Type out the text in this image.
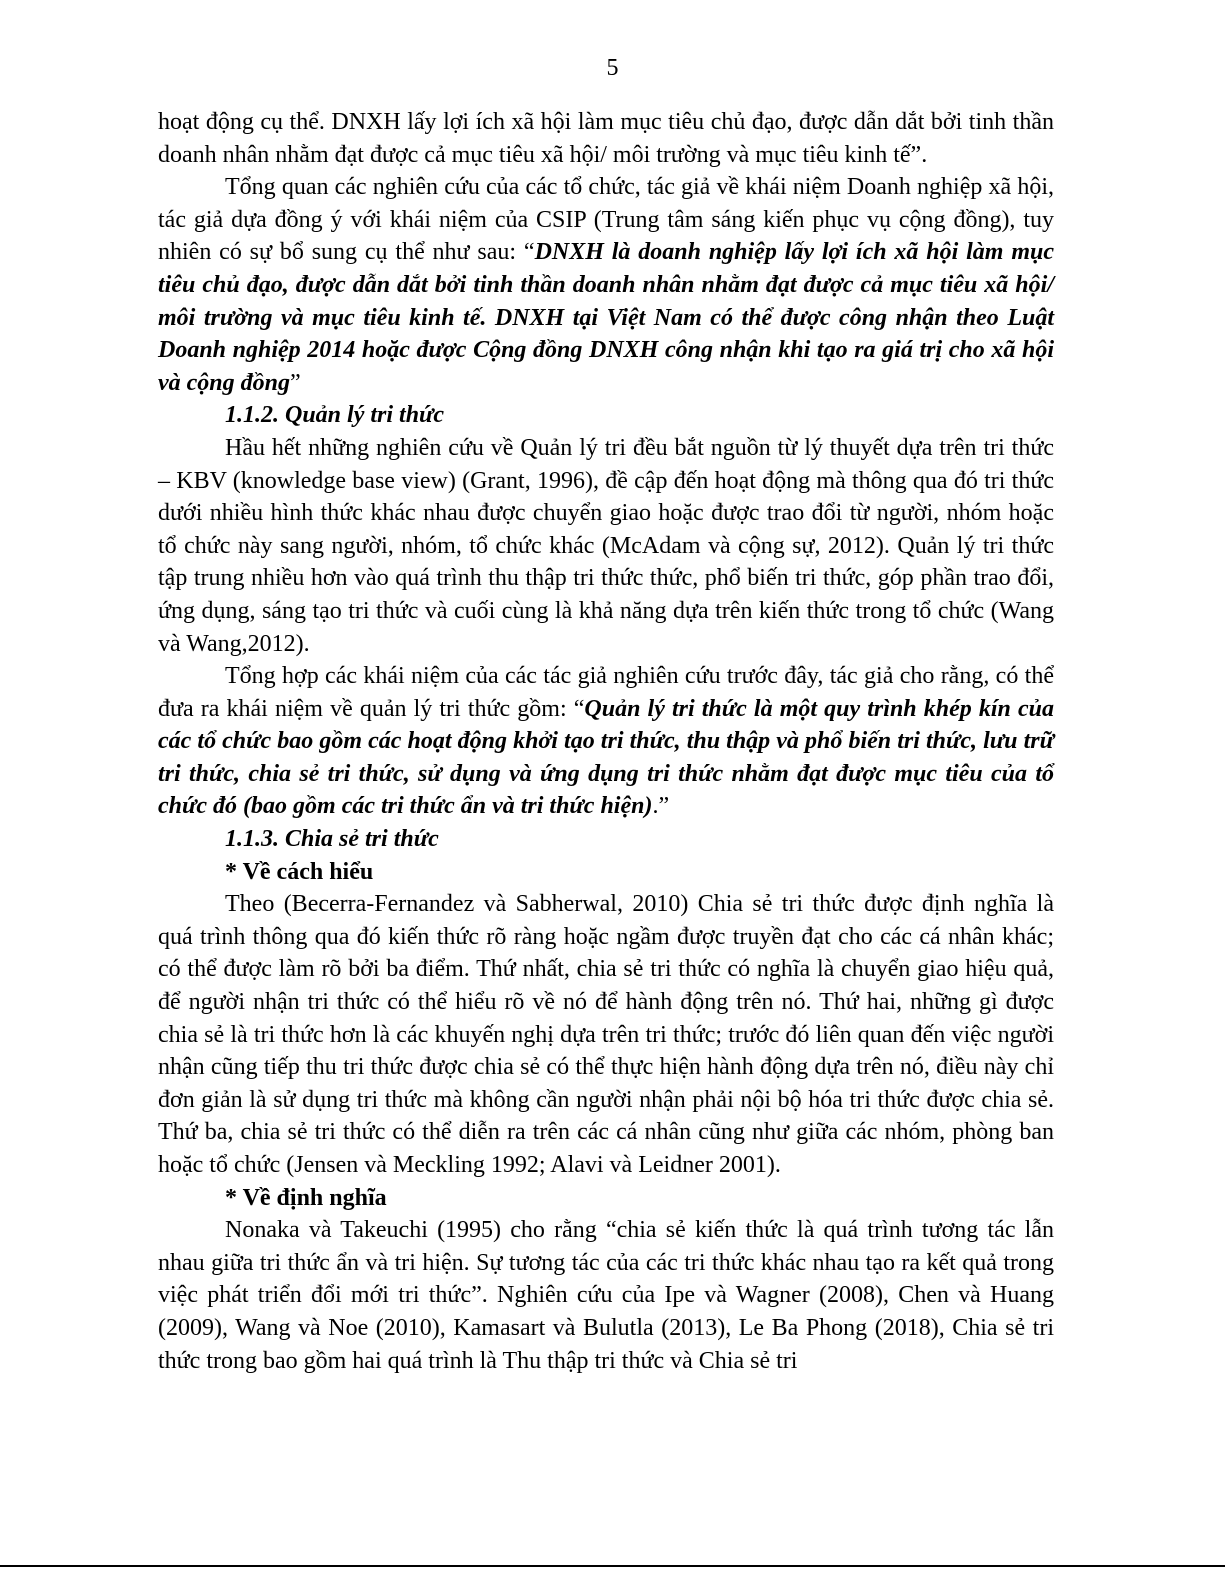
5

hoạt động cụ thể. DNXH lấy lợi ích xã hội làm mục tiêu chủ đạo, được dẫn dắt bởi tinh thần doanh nhân nhằm đạt được cả mục tiêu xã hội/ môi trường và mục tiêu kinh tế”.

Tổng quan các nghiên cứu của các tổ chức, tác giả về khái niệm Doanh nghiệp xã hội, tác giả dựa đồng ý với khái niệm của CSIP (Trung tâm sáng kiến phục vụ cộng đồng), tuy nhiên có sự bổ sung cụ thể như sau: “DNXH là doanh nghiệp lấy lợi ích xã hội làm mục tiêu chủ đạo, được dẫn dắt bởi tinh thần doanh nhân nhằm đạt được cả mục tiêu xã hội/ môi trường và mục tiêu kinh tế. DNXH tại Việt Nam có thể được công nhận theo Luật Doanh nghiệp 2014 hoặc được Cộng đồng DNXH công nhận khi tạo ra giá trị cho xã hội và cộng đồng”

1.1.2. Quản lý tri thức

Hầu hết những nghiên cứu về Quản lý tri đều bắt nguồn từ lý thuyết dựa trên tri thức – KBV (knowledge base view) (Grant, 1996), đề cập đến hoạt động mà thông qua đó tri thức dưới nhiều hình thức khác nhau được chuyển giao hoặc được trao đổi từ người, nhóm hoặc tổ chức này sang người, nhóm, tổ chức khác (McAdam và cộng sự, 2012). Quản lý tri thức tập trung nhiều hơn vào quá trình thu thập tri thức thức, phổ biến tri thức, góp phần trao đổi, ứng dụng, sáng tạo tri thức và cuối cùng là khả năng dựa trên kiến thức trong tổ chức (Wang và Wang,2012).

Tổng hợp các khái niệm của các tác giả nghiên cứu trước đây, tác giả cho rằng, có thể đưa ra khái niệm về quản lý tri thức gồm: “Quản lý tri thức là một quy trình khép kín của các tổ chức bao gồm các hoạt động khởi tạo tri thức, thu thập và phổ biến tri thức, lưu trữ tri thức, chia sẻ tri thức, sử dụng và ứng dụng tri thức nhằm đạt được mục tiêu của tổ chức đó (bao gồm các tri thức ẩn và tri thức hiện).”

1.1.3. Chia sẻ tri thức

* Về cách hiểu

Theo (Becerra-Fernandez và Sabherwal, 2010) Chia sẻ tri thức được định nghĩa là quá trình thông qua đó kiến thức rõ ràng hoặc ngầm được truyền đạt cho các cá nhân khác; có thể được làm rõ bởi ba điểm. Thứ nhất, chia sẻ tri thức có nghĩa là chuyển giao hiệu quả, để người nhận tri thức có thể hiểu rõ về nó để hành động trên nó. Thứ hai, những gì được chia sẻ là tri thức hơn là các khuyến nghị dựa trên tri thức; trước đó liên quan đến việc người nhận cũng tiếp thu tri thức được chia sẻ có thể thực hiện hành động dựa trên nó, điều này chỉ đơn giản là sử dụng tri thức mà không cần người nhận phải nội bộ hóa tri thức được chia sẻ. Thứ ba, chia sẻ tri thức có thể diễn ra trên các cá nhân cũng như giữa các nhóm, phòng ban hoặc tổ chức (Jensen và Meckling 1992; Alavi và Leidner 2001).

* Về định nghĩa

Nonaka và Takeuchi (1995) cho rằng “chia sẻ kiến thức là quá trình tương tác lẫn nhau giữa tri thức ẩn và tri hiện. Sự tương tác của các tri thức khác nhau tạo ra kết quả trong việc phát triển đổi mới tri thức”. Nghiên cứu của Ipe và Wagner (2008), Chen và Huang (2009), Wang và Noe (2010), Kamasart và Bulutla (2013), Le Ba Phong (2018), Chia sẻ tri thức trong bao gồm hai quá trình là Thu thập tri thức và Chia sẻ tri
